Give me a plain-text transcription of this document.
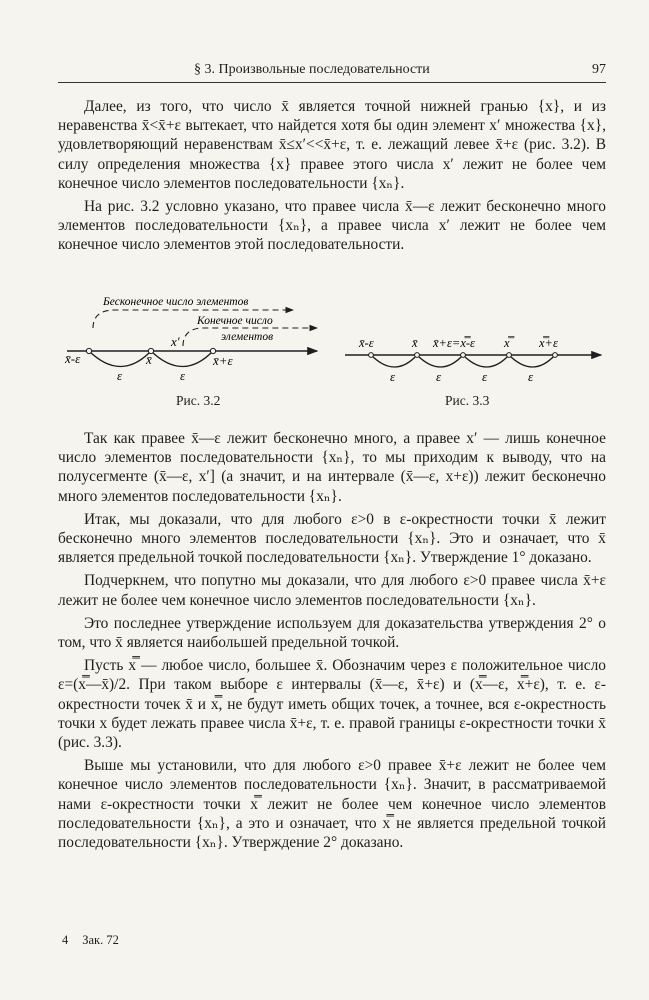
§ 3. Произвольные последовательности	97

Далее, из того, что число x̄ является точной нижней гранью {x}, и из неравенства x̄<x̄+ε вытекает, что найдется хотя бы один элемент x′ множества {x}, удовлетворяющий неравенствам x̄≤x′<<x̄+ε, т. е. лежащий левее x̄+ε (рис. 3.2). В силу определения множества {x} правее этого числа x′ лежит не более чем конечное число элементов последовательности {xₙ}.

На рис. 3.2 условно указано, что правее числа x̄—ε лежит бесконечно много элементов последовательности {xₙ}, а правее числа x′ лежит не более чем конечное число элементов этой последовательности.

Бесконечное число элементов
Конечное число
элементов
x′
x̄-ε	x̄	x̄+ε
ε	ε
Рис. 3.2
x̄-ε	x̄ x̄+ε=x̿-ε x̿	x̿+ε
ε	ε	ε	ε
Рис. 3.3

Так как правее x̄—ε лежит бесконечно много, а правее x′ — лишь конечное число элементов последовательности {xₙ}, то мы приходим к выводу, что на полусегменте (x̄—ε, x′] (а значит, и на интервале (x̄—ε, x+ε)) лежит бесконечно много элементов последовательности {xₙ}.

Итак, мы доказали, что для любого ε>0 в ε-окрестности точки x̄ лежит бесконечно много элементов последовательности {xₙ}. Это и означает, что x̄ является предельной точкой последовательности {xₙ}. Утверждение 1° доказано.

Подчеркнем, что попутно мы доказали, что для любого ε>0 правее числа x̄+ε лежит не более чем конечное число элементов последовательности {xₙ}.

Это последнее утверждение используем для доказательства утверждения 2° о том, что x̄ является наибольшей предельной точкой.

Пусть x̿ — любое число, большее x̄. Обозначим через ε положительное число ε=(x̿—x̄)/2. При таком выборе ε интервалы (x̄—ε, x̄+ε) и (x̿—ε, x̿+ε), т. е. ε-окрестности точек x̄ и x̿, не будут иметь общих точек, а точнее, вся ε-окрестность точки x будет лежать правее числа x̄+ε, т. е. правой границы ε-окрестности точки x̄ (рис. 3.3).

Выше мы установили, что для любого ε>0 правее x̄+ε лежит не более чем конечное число элементов последовательности {xₙ}. Значит, в рассматриваемой нами ε-окрестности точки x̿ лежит не более чем конечное число элементов последовательности {xₙ}, а это и означает, что x̿ не является предельной точкой последовательности {xₙ}. Утверждение 2° доказано.

4 Зак. 72
